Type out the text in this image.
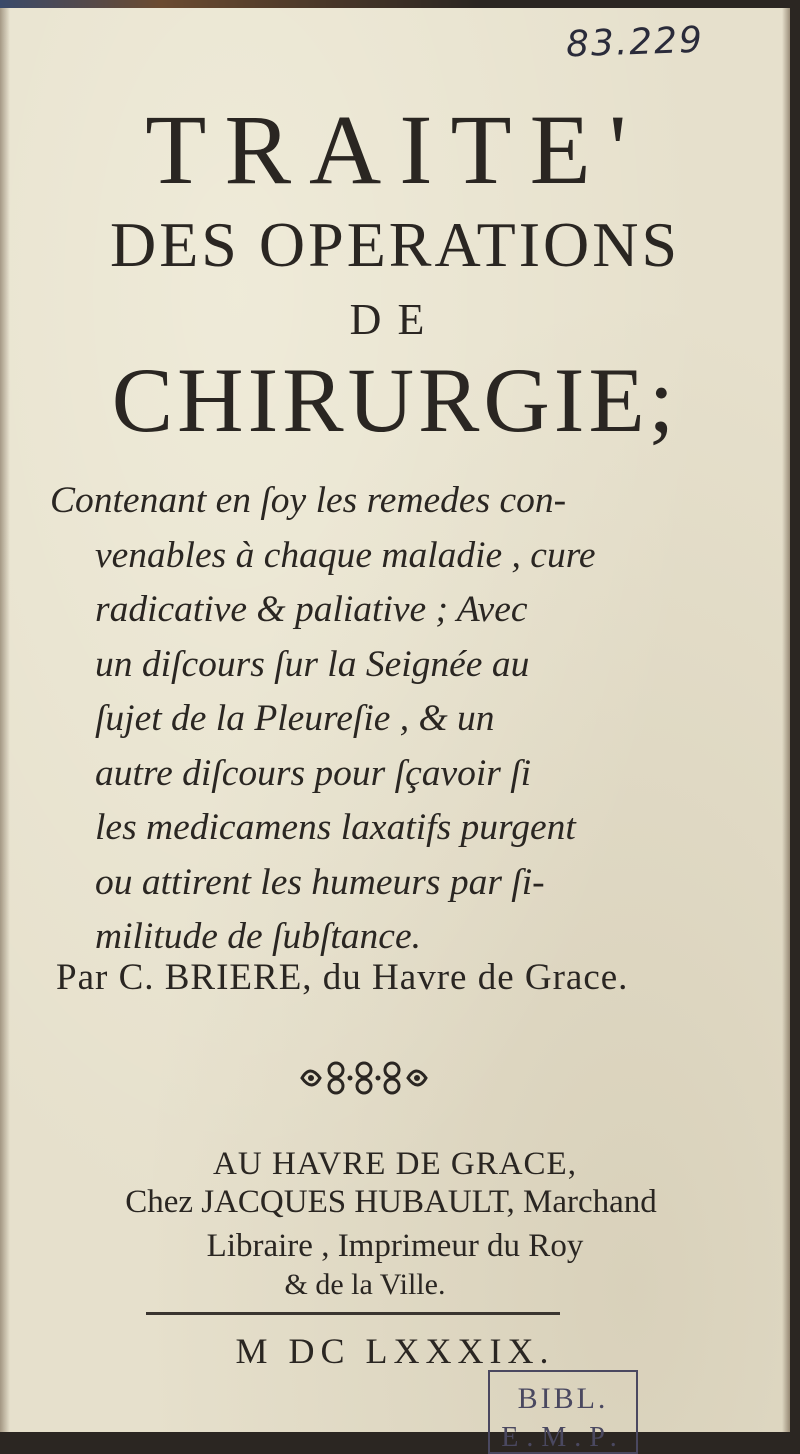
83.229
TRAITE'
DES OPERATIONS
DE
CHIRURGIE;
Contenant en ſoy les remedes con-
venables à chaque maladie , cure
radicative & paliative ; Avec
un diſcours ſur la Seignée au
ſujet de la Pleureſie , & un
autre diſcours pour ſçavoir ſi
les medicamens laxatifs purgent
ou attirent les humeurs par ſi-
militude de ſubſtance.
Par C. BRIERE, du Havre de Grace.
AU HAVRE DE GRACE,
Chez JACQUES HUBAULT, Marchand
Libraire , Imprimeur du Roy
& de la Ville.
M DC LXXXIX.
BIBL.
E.M.P.
